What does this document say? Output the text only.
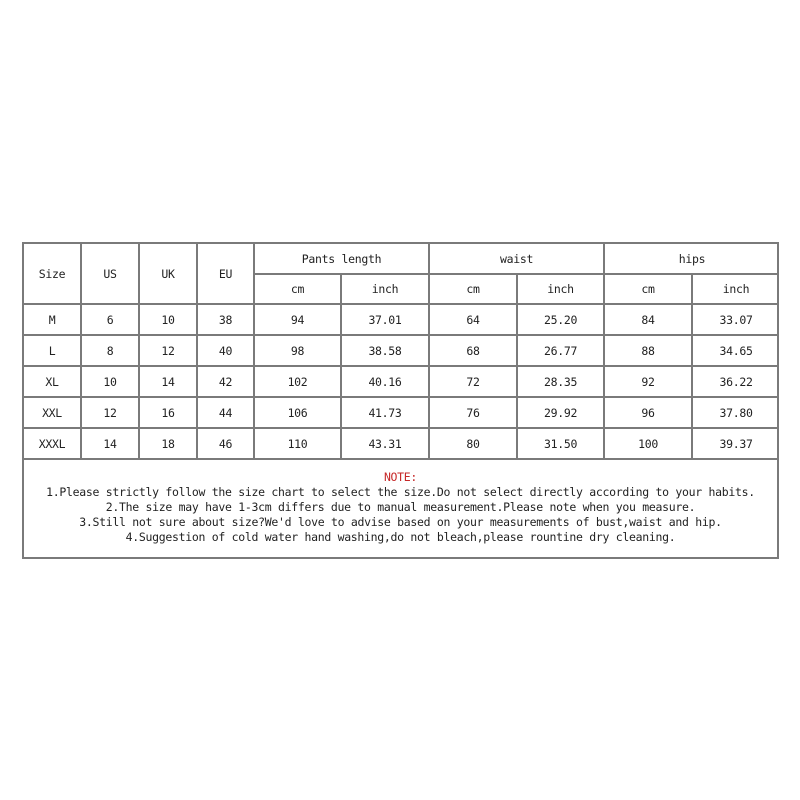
Size	US	UK	EU	Pants length		waist		hips	
				cm	inch	cm	inch	cm	inch
M	6	10	38	94	37.01	64	25.20	84	33.07
L	8	12	40	98	38.58	68	26.77	88	34.65
XL	10	14	42	102	40.16	72	28.35	92	36.22
XXL	12	16	44	106	41.73	76	29.92	96	37.80
XXXL	14	18	46	110	43.31	80	31.50	100	39.37
NOTE:
1.Please strictly follow the size chart to select the size.Do not select directly according to your habits.
2.The size may have 1-3cm differs due to manual measurement.Please note when you measure.
3.Still not sure about size?We'd love to advise based on your measurements of bust,waist and hip.
4.Suggestion of cold water hand washing,do not bleach,please rountine dry cleaning.
